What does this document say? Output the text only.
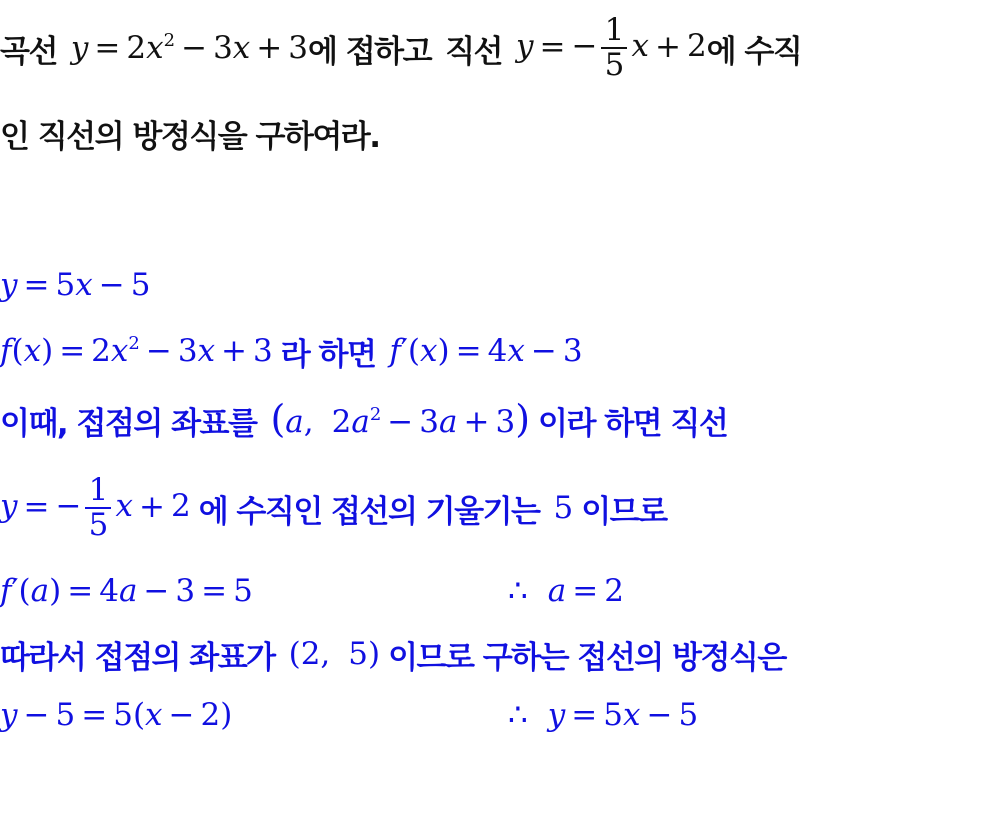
곡선 $y = 2x^2 - 3x + 3$ 에 접하고 직선 y = − $\frac{1}{5}$ x + 2 에 수직
인 직선의 방정식을 구하여라.
y = 5x − 5
$f(x) = 2x^2 - 3x + 3$ 라 하면 f′(x) = 4x − 3
이때, 접점의 좌표를 (a, $2a^2 - 3a + 3$) 이라 하면 직선
y = − $\frac{1}{5}$ x + 2 에 수직인 접선의 기울기는 5 이므로
f′(a) = 4a − 3 = 5	∴ a = 2
따라서 접점의 좌표가 (2, 5) 이므로 구하는 접선의 방정식은
y − 5 = 5(x − 2)	∴ y = 5x − 5
